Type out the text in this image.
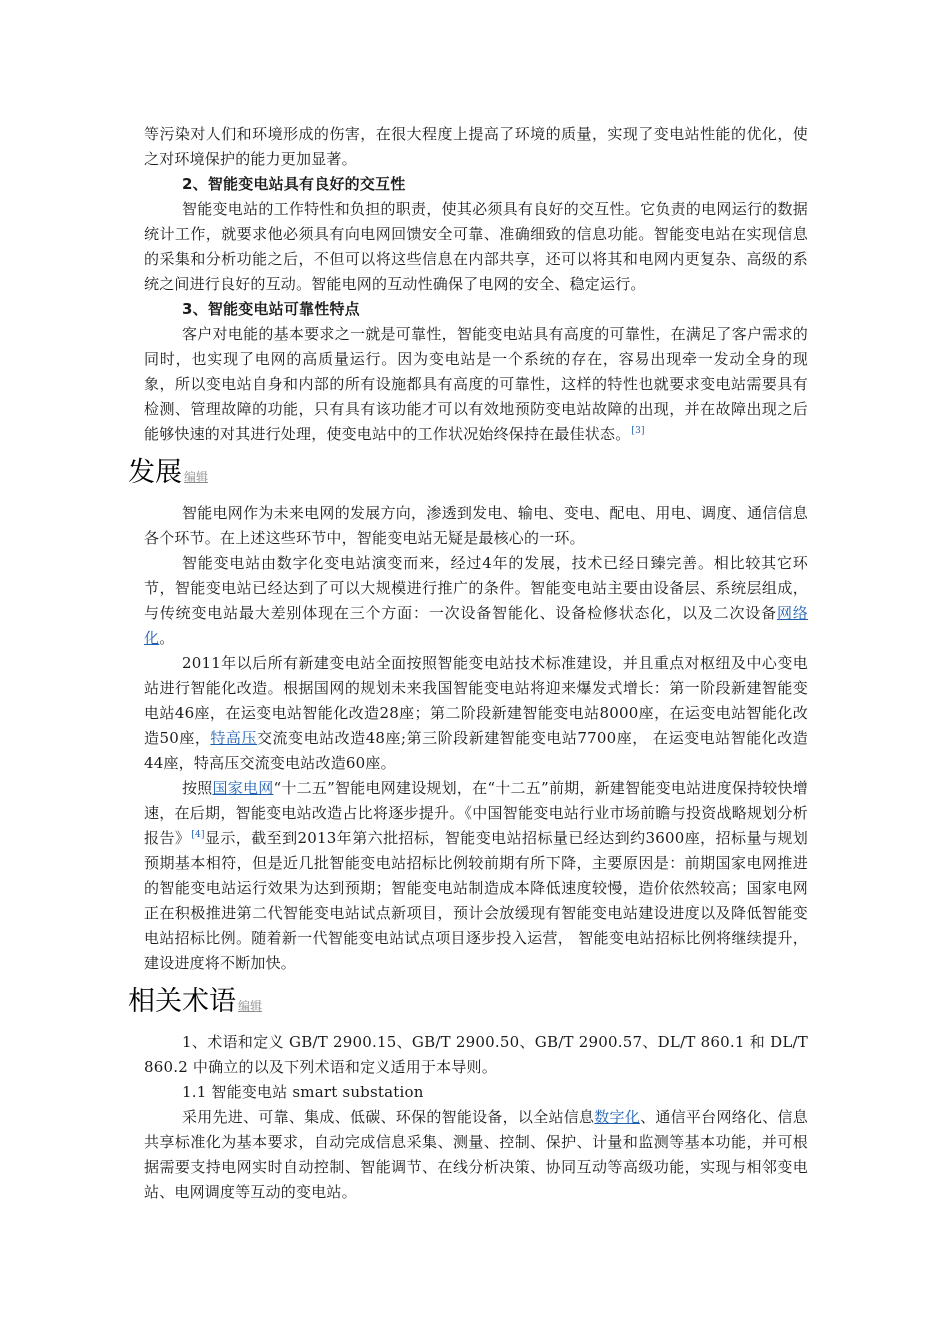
等污染对人们和环境形成的伤害，在很大程度上提高了环境的质量，实现了变电站性能的优化，使之对环境保护的能力更加显著。

2、智能变电站具有良好的交互性

智能变电站的工作特性和负担的职责，使其必须具有良好的交互性。它负责的电网运行的数据统计工作，就要求他必须具有向电网回馈安全可靠、准确细致的信息功能。智能变电站在实现信息的采集和分析功能之后，不但可以将这些信息在内部共享，还可以将其和电网内更复杂、高级的系统之间进行良好的互动。智能电网的互动性确保了电网的安全、稳定运行。

3、智能变电站可靠性特点

客户对电能的基本要求之一就是可靠性，智能变电站具有高度的可靠性，在满足了客户需求的同时，也实现了电网的高质量运行。因为变电站是一个系统的存在，容易出现牵一发动全身的现象，所以变电站自身和内部的所有设施都具有高度的可靠性，这样的特性也就要求变电站需要具有检测、管理故障的功能，只有具有该功能才可以有效地预防变电站故障的出现，并在故障出现之后能够快速的对其进行处理，使变电站中的工作状况始终保持在最佳状态。[3]

发展 编辑

智能电网作为未来电网的发展方向，渗透到发电、输电、变电、配电、用电、调度、通信信息各个环节。在上述这些环节中，智能变电站无疑是最核心的一环。

智能变电站由数字化变电站演变而来，经过4年的发展，技术已经日臻完善。相比较其它环节，智能变电站已经达到了可以大规模进行推广的条件。智能变电站主要由设备层、系统层组成，与传统变电站最大差别体现在三个方面：一次设备智能化、设备检修状态化，以及二次设备网络化。

2011年以后所有新建变电站全面按照智能变电站技术标准建设，并且重点对枢纽及中心变电站进行智能化改造。根据国网的规划未来我国智能变电站将迎来爆发式增长：第一阶段新建智能变电站46座，在运变电站智能化改造28座；第二阶段新建智能变电站8000座，在运变电站智能化改造50座，特高压交流变电站改造48座;第三阶段新建智能变电站7700座， 在运变电站智能化改造44座，特高压交流变电站改造60座。

按照国家电网“十二五”智能电网建设规划，在“十二五”前期，新建智能变电站进度保持较快增速，在后期，智能变电站改造占比将逐步提升。《中国智能变电站行业市场前瞻与投资战略规划分析报告》[4]显示，截至到2013年第六批招标，智能变电站招标量已经达到约3600座，招标量与规划预期基本相符，但是近几批智能变电站招标比例较前期有所下降，主要原因是：前期国家电网推进的智能变电站运行效果为达到预期；智能变电站制造成本降低速度较慢，造价依然较高；国家电网正在积极推进第二代智能变电站试点新项目，预计会放缓现有智能变电站建设进度以及降低智能变电站招标比例。随着新一代智能变电站试点项目逐步投入运营， 智能变电站招标比例将继续提升， 建设进度将不断加快。

相关术语 编辑

1、术语和定义 GB/T 2900.15、GB/T 2900.50、GB/T 2900.57、DL/T 860.1 和 DL/T 860.2 中确立的以及下列术语和定义适用于本导则。

1.1 智能变电站 smart substation

采用先进、可靠、集成、低碳、环保的智能设备，以全站信息数字化、通信平台网络化、信息共享标准化为基本要求，自动完成信息采集、测量、控制、保护、计量和监测等基本功能，并可根据需要支持电网实时自动控制、智能调节、在线分析决策、协同互动等高级功能，实现与相邻变电站、电网调度等互动的变电站。
